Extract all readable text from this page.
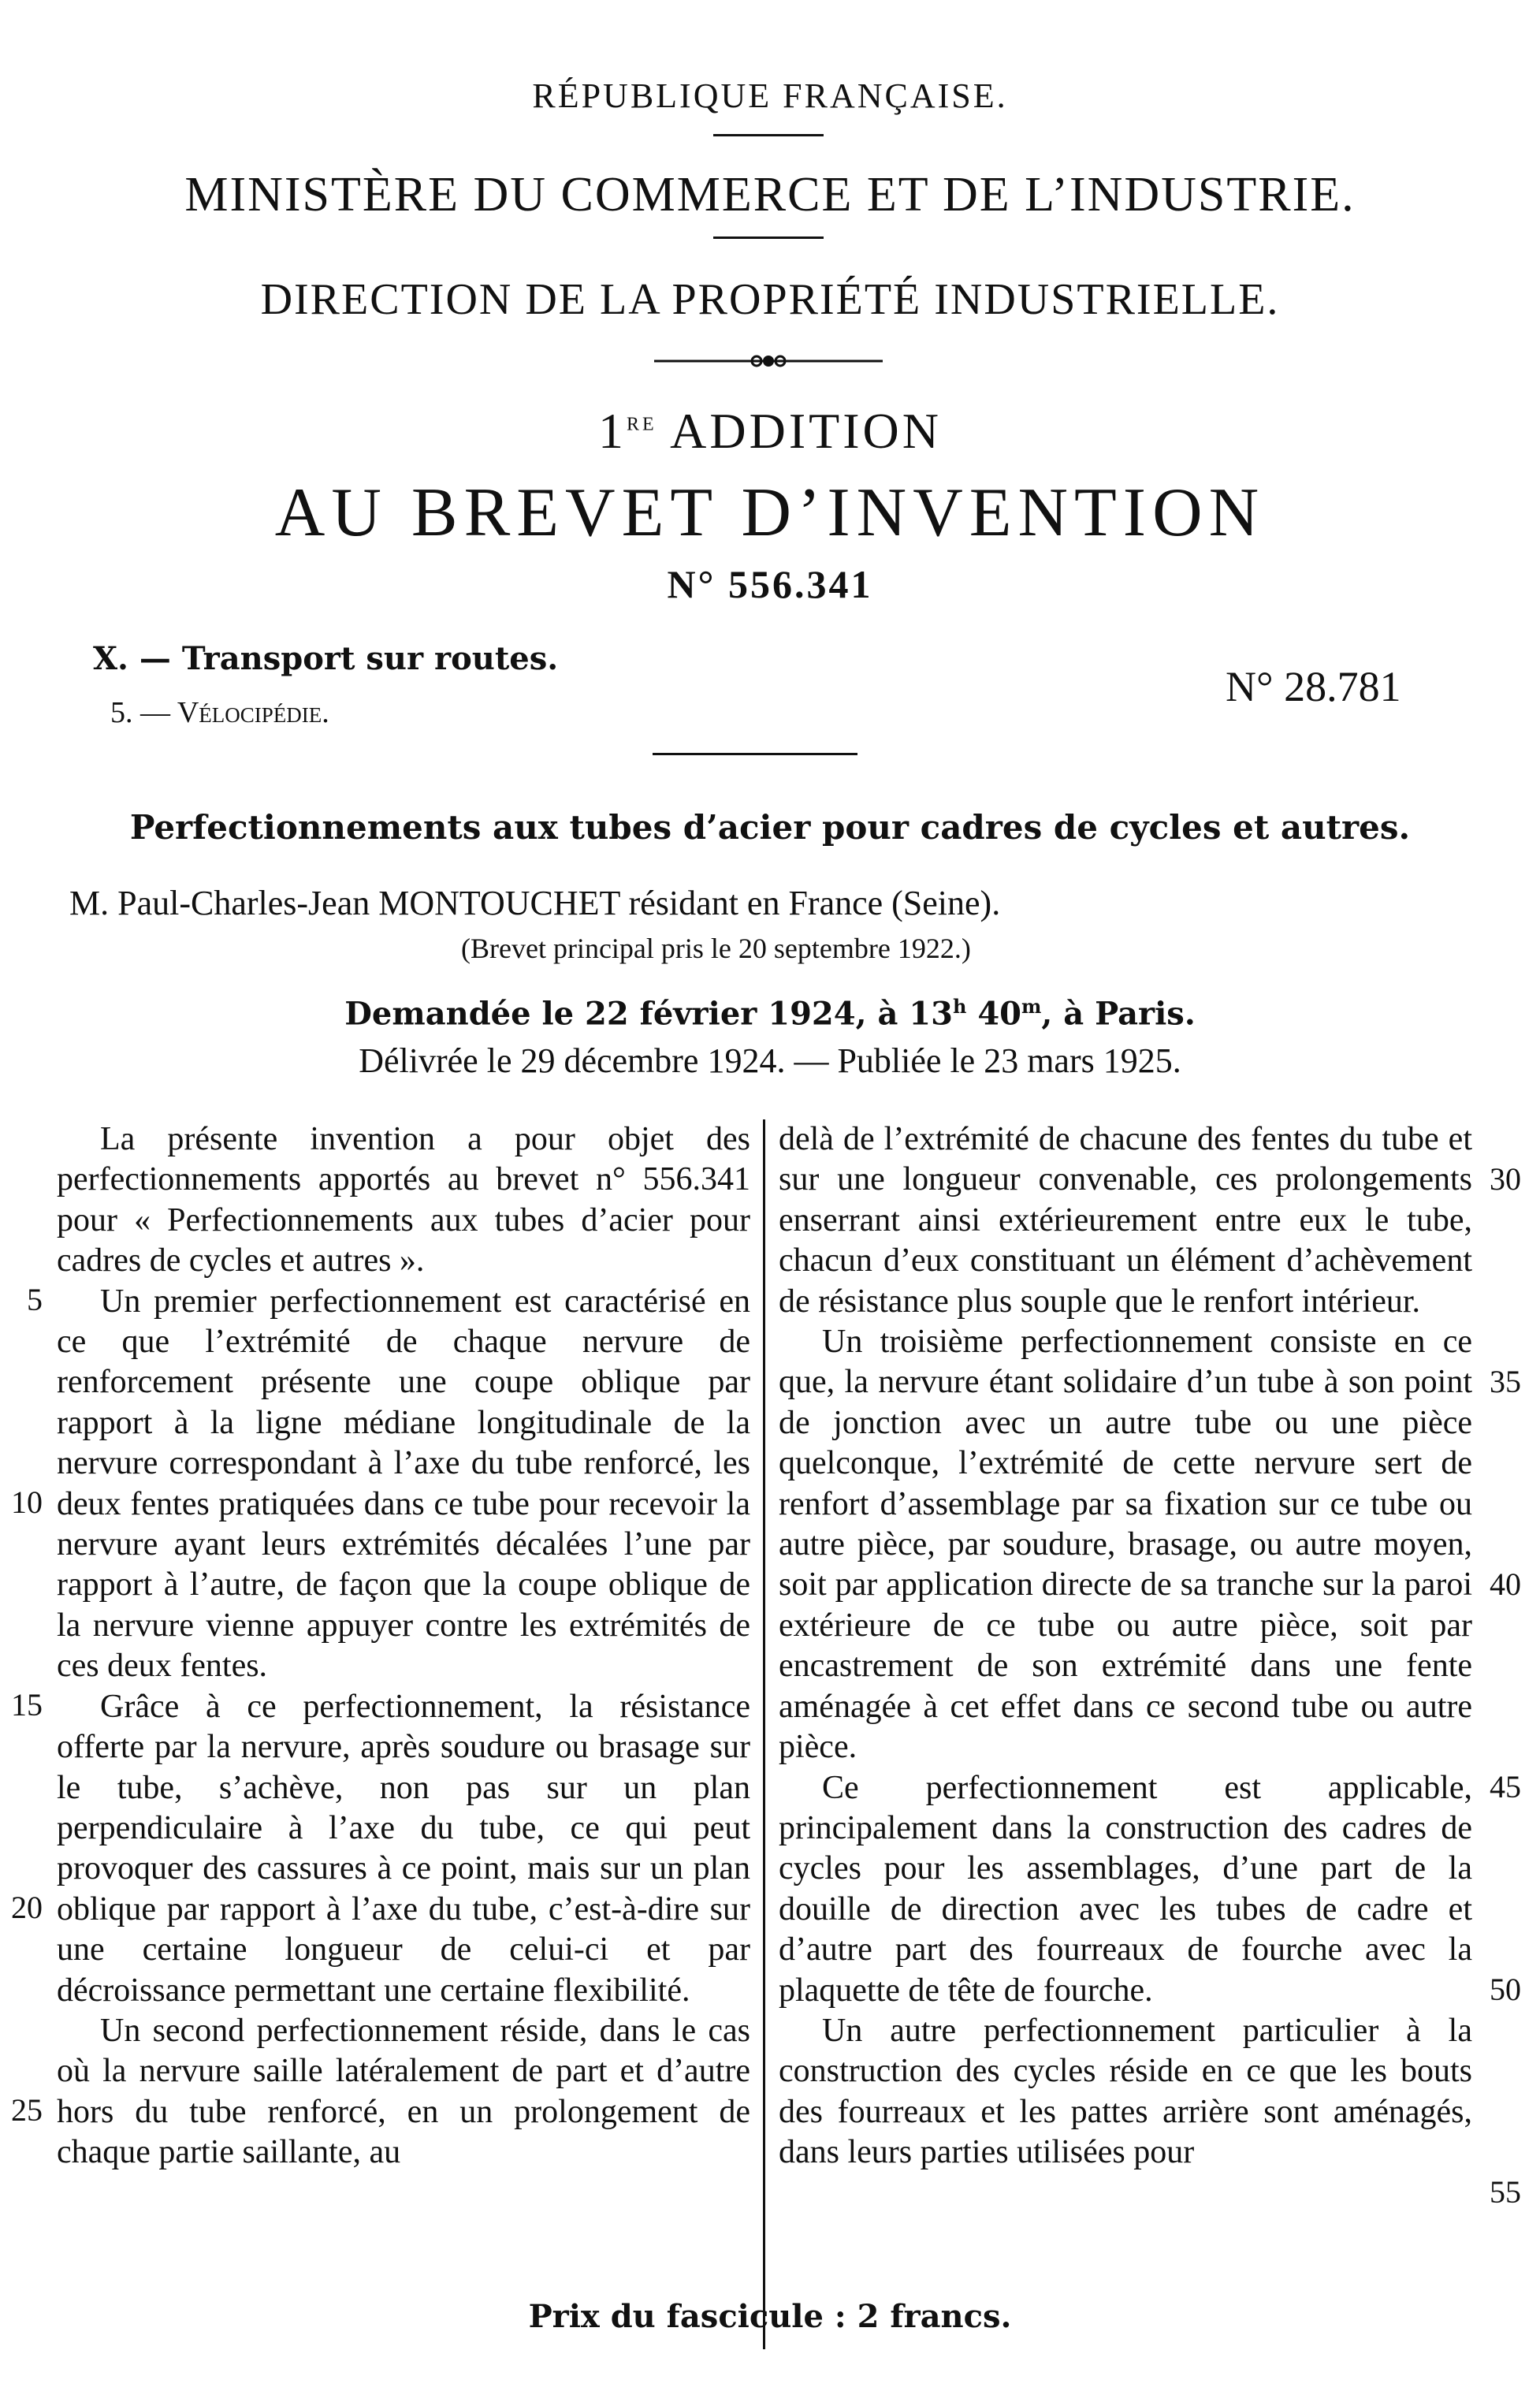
RÉPUBLIQUE FRANÇAISE.
MINISTÈRE DU COMMERCE ET DE L’INDUSTRIE.
DIRECTION DE LA PROPRIÉTÉ INDUSTRIELLE.
1RE ADDITION
AU BREVET D’INVENTION
N° 556.341
X. — Transport sur routes.
5. — Vélocipédie.
N° 28.781
Perfectionnements aux tubes d’acier pour cadres de cycles et autres.
M. Paul-Charles-Jean MONTOUCHET résidant en France (Seine).
(Brevet principal pris le 20 septembre 1922.)
Demandée le 22 février 1924, à 13$^h$ 40$^m$, à Paris.
Délivrée le 29 décembre 1924. — Publiée le 23 mars 1925.

La présente invention a pour objet des perfectionnements apportés au brevet n° 556.341 pour « Perfectionnements aux tubes d’acier pour cadres de cycles et autres ».

Un premier perfectionnement est caractérisé en ce que l’extrémité de chaque nervure de renforcement présente une coupe oblique par rapport à la ligne médiane longitudinale de la nervure correspondant à l’axe du tube renforcé, les deux fentes pratiquées dans ce tube pour recevoir la nervure ayant leurs extrémités décalées l’une par rapport à l’autre, de façon que la coupe oblique de la nervure vienne appuyer contre les extrémités de ces deux fentes.

Grâce à ce perfectionnement, la résistance offerte par la nervure, après soudure ou brasage sur le tube, s’achève, non pas sur un plan perpendiculaire à l’axe du tube, ce qui peut provoquer des cassures à ce point, mais sur un plan oblique par rapport à l’axe du tube, c’est-à-dire sur une certaine longueur de celui-ci et par décroissance permettant une certaine flexibilité.

Un second perfectionnement réside, dans le cas où la nervure saille latéralement de part et d’autre hors du tube renforcé, en un prolongement de chaque partie saillante, au

delà de l’extrémité de chacune des fentes du tube et sur une longueur convenable, ces prolongements enserrant ainsi extérieurement entre eux le tube, chacun d’eux constituant un élément d’achèvement de résistance plus souple que le renfort intérieur.

Un troisième perfectionnement consiste en ce que, la nervure étant solidaire d’un tube à son point de jonction avec un autre tube ou une pièce quelconque, l’extrémité de cette nervure sert de renfort d’assemblage par sa fixation sur ce tube ou autre pièce, par soudure, brasage, ou autre moyen, soit par application directe de sa tranche sur la paroi extérieure de ce tube ou autre pièce, soit par encastrement de son extrémité dans une fente aménagée à cet effet dans ce second tube ou autre pièce.

Ce perfectionnement est applicable, principalement dans la construction des cadres de cycles pour les assemblages, d’une part de la douille de direction avec les tubes de cadre et d’autre part des fourreaux de fourche avec la plaquette de tête de fourche.

Un autre perfectionnement particulier à la construction des cycles réside en ce que les bouts des fourreaux et les pattes arrière sont aménagés, dans leurs parties utilisées pour

5
10
15
20
25
30
35
40
45
50
55
Prix du fascicule : 2 francs.
